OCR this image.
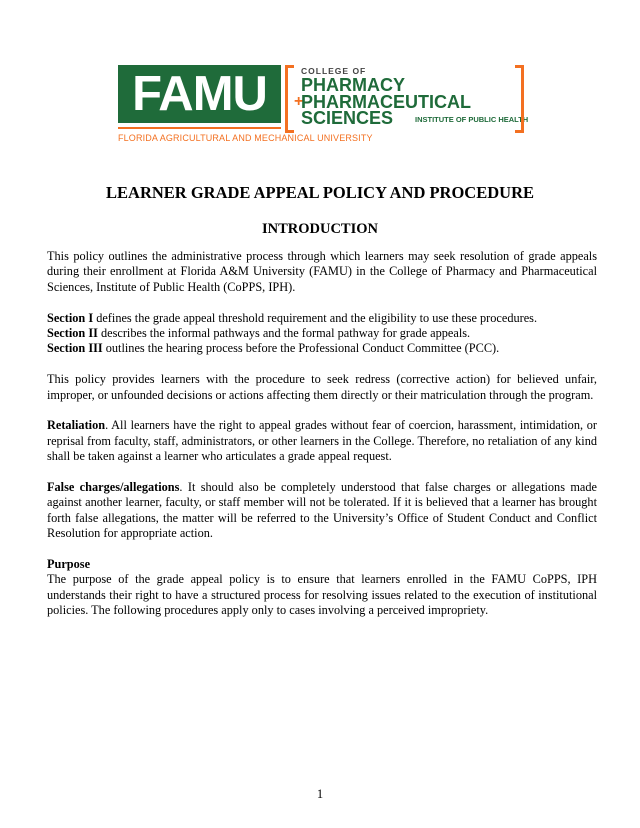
FAMU
FLORIDA AGRICULTURAL AND MECHANICAL UNIVERSITY
COLLEGE OF
PHARMACY
+
PHARMACEUTICAL
SCIENCES	INSTITUTE OF PUBLIC HEALTH
LEARNER GRADE APPEAL POLICY AND PROCEDURE
INTRODUCTION

This policy outlines the administrative process through which learners may seek resolution of grade appeals during their enrollment at Florida A&M University (FAMU) in the College of Pharmacy and Pharmaceutical Sciences, Institute of Public Health (CoPPS, IPH).

Section I defines the grade appeal threshold requirement and the eligibility to use these procedures.

Section II describes the informal pathways and the formal pathway for grade appeals.

Section III outlines the hearing process before the Professional Conduct Committee (PCC).

This policy provides learners with the procedure to seek redress (corrective action) for believed unfair, improper, or unfounded decisions or actions affecting them directly or their matriculation through the program.

Retaliation. All learners have the right to appeal grades without fear of coercion, harassment, intimidation, or reprisal from faculty, staff, administrators, or other learners in the College. Therefore, no retaliation of any kind shall be taken against a learner who articulates a grade appeal request.

False charges/allegations. It should also be completely understood that false charges or allegations made against another learner, faculty, or staff member will not be tolerated. If it is believed that a learner has brought forth false allegations, the matter will be referred to the University’s Office of Student Conduct and Conflict Resolution for appropriate action.

Purpose

The purpose of the grade appeal policy is to ensure that learners enrolled in the FAMU CoPPS, IPH understands their right to have a structured process for resolving issues related to the execution of institutional policies. The following procedures apply only to cases involving a perceived impropriety.

1
